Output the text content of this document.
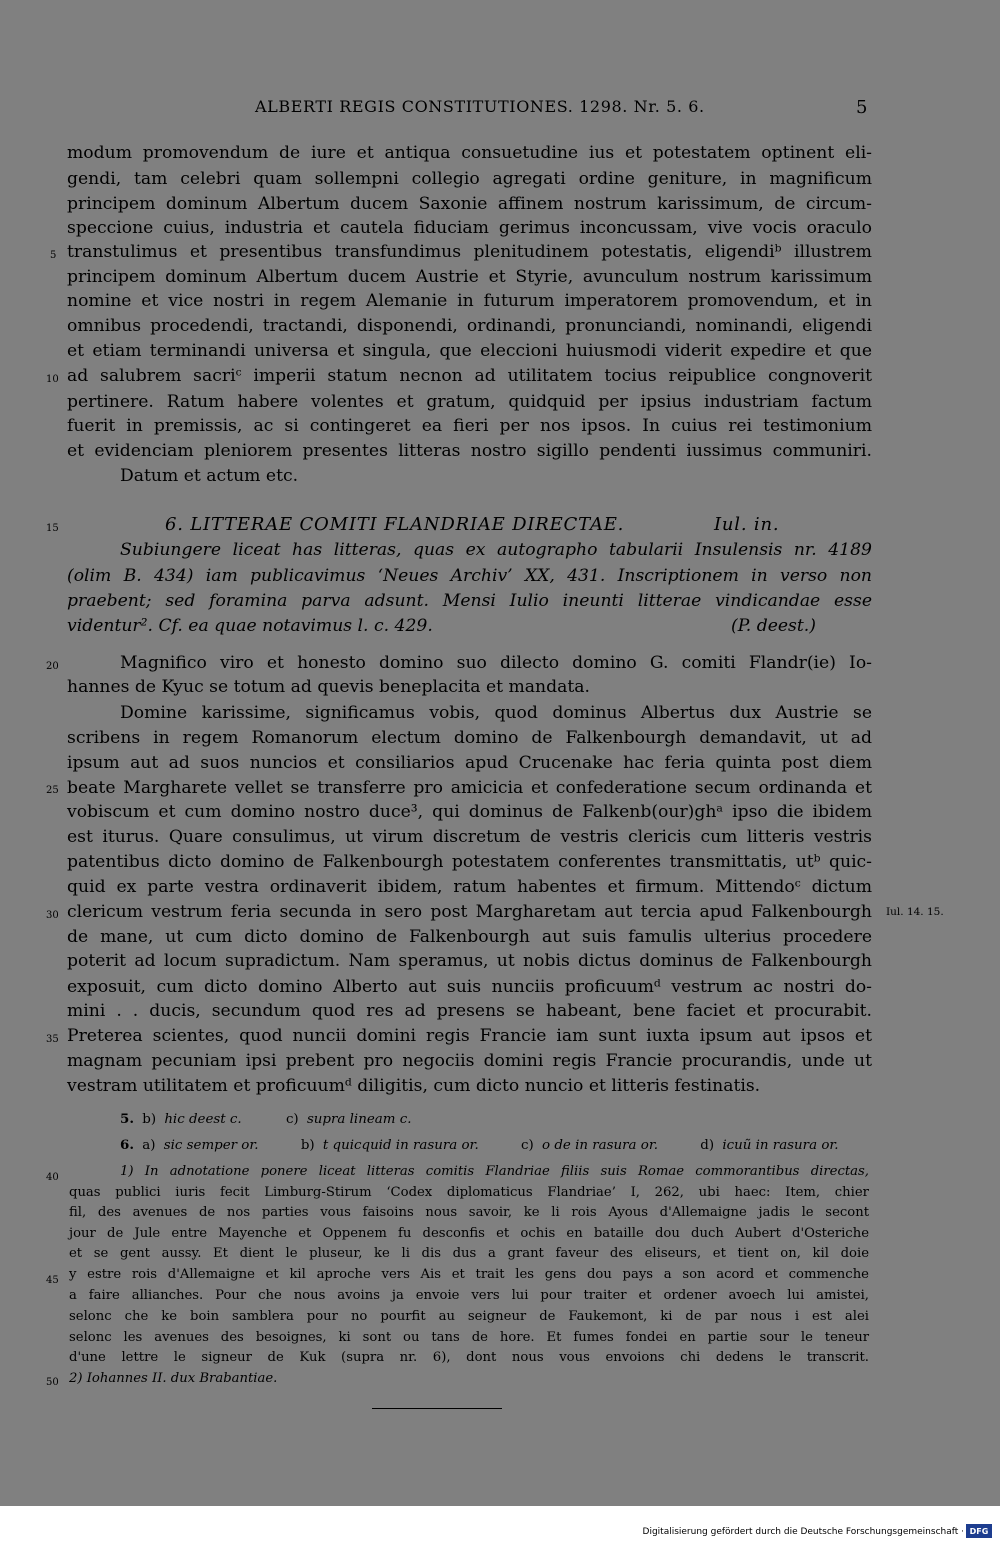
ALBERTI REGIS CONSTITUTIONES. 1298. Nr. 5. 6.	5
modum promovendum de iure et antiqua consuetudine ius et potestatem optinent eli-
gendi, tam celebri quam sollempni collegio agregati ordine geniture, in magnificum
principem dominum Albertum ducem Saxonie affinem nostrum karissimum, de circum-
speccione cuius, industria et cautela fiduciam gerimus inconcussam, vive vocis oraculo
transtulimus et presentibus transfundimus plenitudinem potestatis, eligendiᵇ illustrem
principem dominum Albertum ducem Austrie et Styrie, avunculum nostrum karissimum
nomine et vice nostri in regem Alemanie in futurum imperatorem promovendum, et in
omnibus procedendi, tractandi, disponendi, ordinandi, pronunciandi, nominandi, eligendi
et etiam terminandi universa et singula, que eleccioni huiusmodi viderit expedire et que
ad salubrem sacriᶜ imperii statum necnon ad utilitatem tocius reipublice congnoverit
pertinere. Ratum habere volentes et gratum, quidquid per ipsius industriam factum
fuerit in premissis, ac si contingeret ea fieri per nos ipsos. In cuius rei testimonium
et evidenciam pleniorem presentes litteras nostro sigillo pendenti iussimus communiri.
Datum et actum etc.
6. LITTERAE COMITI FLANDRIAE DIRECTAE.	Iul. in.
Subiungere liceat has litteras, quas ex autographo tabularii Insulensis nr. 4189
(olim B. 434) iam publicavimus ‘Neues Archiv’ XX, 431. Inscriptionem in verso non
praebent; sed foramina parva adsunt. Mensi Iulio ineunti litterae vindicandae esse
videntur². Cf. ea quae notavimus l. c. 429.	(P. deest.)
Magnifico viro et honesto domino suo dilecto domino G. comiti Flandr(ie) Io-
hannes de Kyuc se totum ad quevis beneplacita et mandata.
Domine karissime, significamus vobis, quod dominus Albertus dux Austrie se
scribens in regem Romanorum electum domino de Falkenbourgh demandavit, ut ad
ipsum aut ad suos nuncios et consiliarios apud Crucenake hac feria quinta post diem
beate Margharete vellet se transferre pro amicicia et confederatione secum ordinanda et
vobiscum et cum domino nostro duce³, qui dominus de Falkenb(our)ghᵃ ipso die ibidem
est iturus. Quare consulimus, ut virum discretum de vestris clericis cum litteris vestris
patentibus dicto domino de Falkenbourgh potestatem conferentes transmittatis, utᵇ quic-
quid ex parte vestra ordinaverit ibidem, ratum habentes et firmum. Mittendoᶜ dictum
clericum vestrum feria secunda in sero post Margharetam aut tercia apud Falkenbourgh
de mane, ut cum dicto domino de Falkenbourgh aut suis famulis ulterius procedere
poterit ad locum supradictum. Nam speramus, ut nobis dictus dominus de Falkenbourgh
exposuit, cum dicto domino Alberto aut suis nunciis proficuumᵈ vestrum ac nostri do-
mini . . ducis, secundum quod res ad presens se habeant, bene faciet et procurabit.
Preterea scientes, quod nuncii domini regis Francie iam sunt iuxta ipsum aut ipsos et
magnam pecuniam ipsi prebent pro negociis domini regis Francie procurandis, unde ut
vestram utilitatem et proficuumᵈ diligitis, cum dicto nuncio et litteris festinatis.
Iul. 14. 15.
5
10
15
20
25
30
35
40
45
50
5. b) hic deest c.	c) supra lineam c.
6. a) sic semper or.	b) t quicquid in rasura or.	c) o de in rasura or.	d) icuũ in rasura or.
1) In adnotatione ponere liceat litteras comitis Flandriae filiis suis Romae commorantibus directas,
quas publici iuris fecit Limburg-Stirum ‘Codex diplomaticus Flandriae’ I, 262, ubi haec: Item, chier
fil, des avenues de nos parties vous faisoins nous savoir, ke li rois Ayous d'Allemaigne jadis le secont
jour de Jule entre Mayenche et Oppenem fu desconfis et ochis en bataille dou duch Aubert d'Osteriche
et se gent aussy. Et dient le pluseur, ke li dis dus a grant faveur des eliseurs, et tient on, kil doie
y estre rois d'Allemaigne et kil aproche vers Ais et trait les gens dou pays a son acord et commenche
a faire allianches. Pour che nous avoins ja envoie vers lui pour traiter et ordener avoech lui amistei,
selonc che ke boin samblera pour no pourfit au seigneur de Faukemont, ki de par nous i est alei
selonc les avenues des besoignes, ki sont ou tans de hore. Et fumes fondei en partie sour le teneur
d'une lettre le signeur de Kuk (supra nr. 6), dont nous vous envoions chi dedens le transcrit.
2) Iohannes II. dux Brabantiae.
Digitalisierung gefördert durch die Deutsche Forschungsgemeinschaft · DFG
